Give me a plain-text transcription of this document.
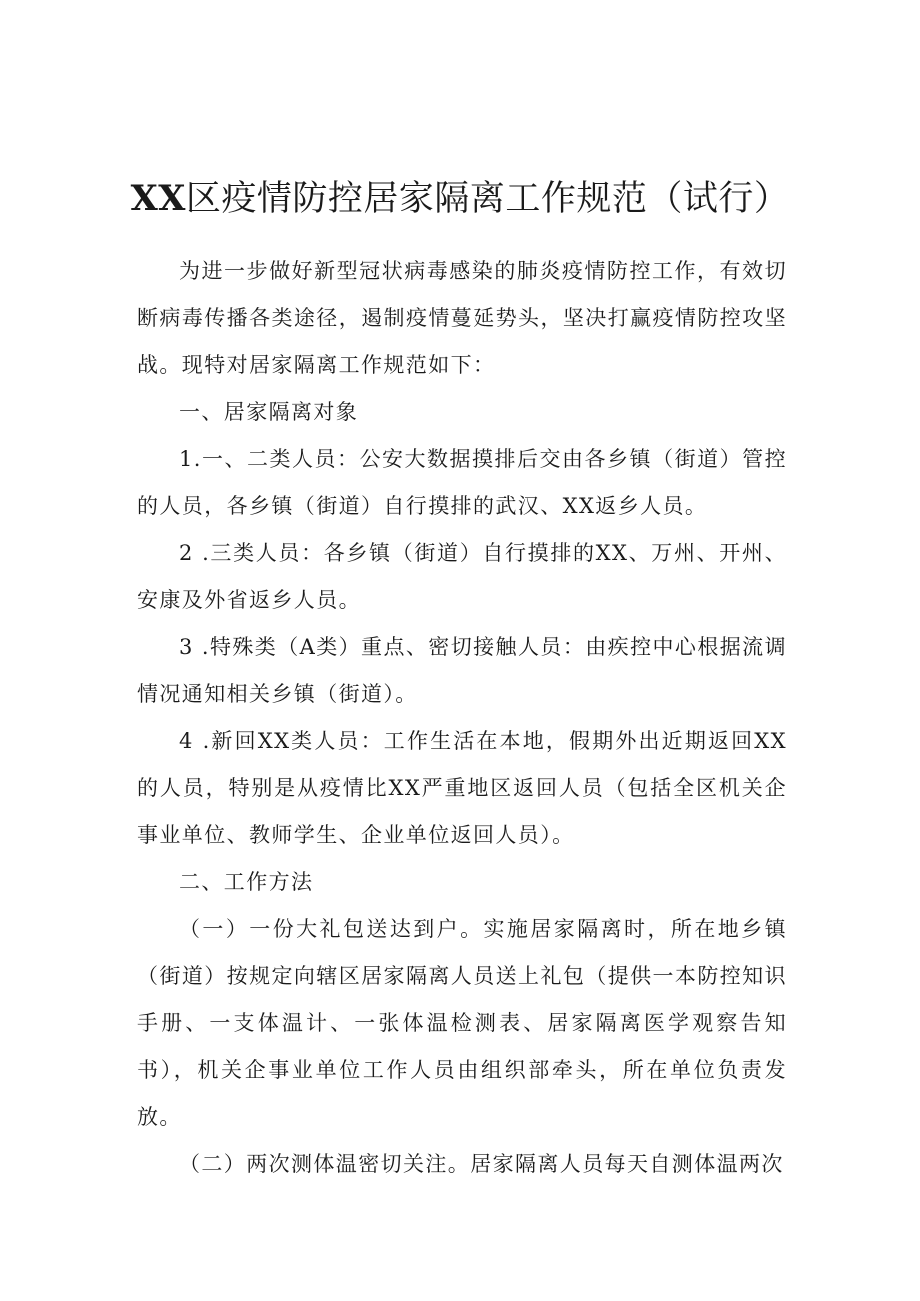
XX区疫情防控居家隔离工作规范（试行）

为进一步做好新型冠状病毒感染的肺炎疫情防控工作，有效切断病毒传播各类途径，遏制疫情蔓延势头，坚决打赢疫情防控攻坚战。现特对居家隔离工作规范如下：

一、居家隔离对象

1.一、二类人员：公安大数据摸排后交由各乡镇（街道）管控的人员，各乡镇（街道）自行摸排的武汉、XX返乡人员。

2 .三类人员：各乡镇（街道）自行摸排的XX、万州、开州、安康及外省返乡人员。

3 .特殊类（A类）重点、密切接触人员：由疾控中心根据流调情况通知相关乡镇（街道）。

4 .新回XX类人员：工作生活在本地，假期外出近期返回XX的人员，特别是从疫情比XX严重地区返回人员（包括全区机关企事业单位、教师学生、企业单位返回人员）。

二、工作方法

（一）一份大礼包送达到户。实施居家隔离时，所在地乡镇（街道）按规定向辖区居家隔离人员送上礼包（提供一本防控知识手册、一支体温计、一张体温检测表、居家隔离医学观察告知书），机关企事业单位工作人员由组织部牵头，所在单位负责发放。

（二）两次测体温密切关注。居家隔离人员每天自测体温两次
